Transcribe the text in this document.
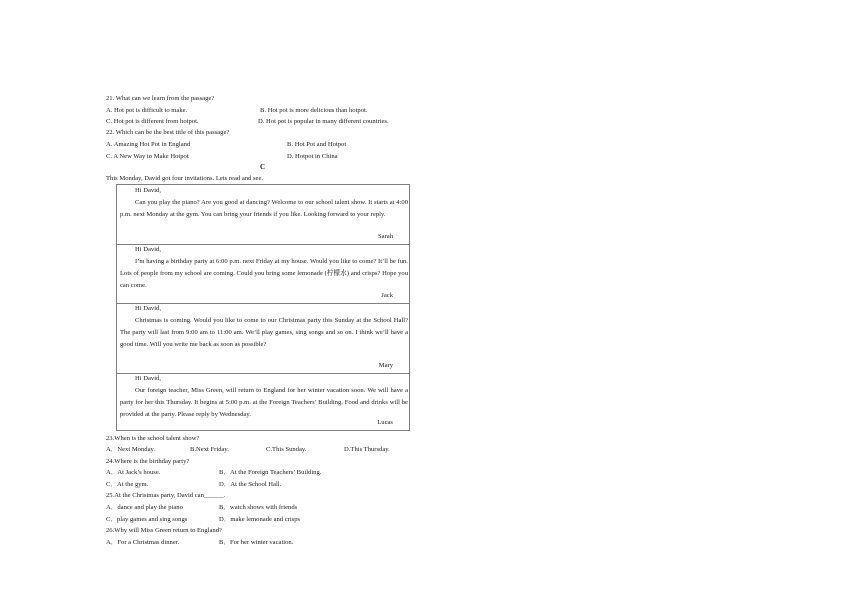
21. What can we learn from the passage?
A. Hot pot is difficult to make.	B. Hot pot is more delicious than hotpot.
C. Hot pot is different from hotpot.	D. Hot pot is popular in many different countries.
22. Which can be the best title of this passage?
A. Amazing Hot Pot in England	B. Hot Pot and Hotpot
C. A New Way to Make Hotpot	D. Hotpot in China
C
This Monday, David got four invitations. Lets read and see.
Hi David,
Can you play the piano? Are you good at dancing? Welcome to our school talent show. It starts at 4:00 p.m. next Monday at the gym. You can bring your friends if you like. Looking forward to your reply.
Sarah
Hi David,
I’m having a birthday party at 6:00 p.m. next Friday at my house. Would you like to come? It’ll be fun. Lots of people from my school are coming. Could you bring some lemonade (柠檬水) and crisps? Hope you can come.
Jack
Hi David,
Christmas is coming. Would you like to come to our Christmas party this Sunday at the School Hall? The party will last from 9:00 am to 11:00 am. We’ll play games, sing songs and so on. I think we’ll have a good time. Will you write me back as soon as possible?
Mary
Hi David,
Our foreign teacher, Miss Green, will return to England for her winter vacation soon. We will have a party for her this Thursday. It begins at 5:00 p.m. at the Foreign Teachers’ Building. Food and drinks will be provided at the party. Please reply by Wednesday.
Lucas
23.When is the school talent show?
A．Next Monday.	B.Next Friday.	C.This Sunday.	D.This Thursday.
24.Where is the birthday party?
A．At Jack’s house.	B．At the Foreign Teachers’ Building.
C．At the gym.	D．At the School Hall.
25.At the Christmas party, David can______.
A．dance and play the piano	B．watch shows with friends
C．play games and sing songs	D．make lemonade and crisps
26.Why will Miss Green return to England?
A．For a Christmas dinner.	B．For her winter vacation.
